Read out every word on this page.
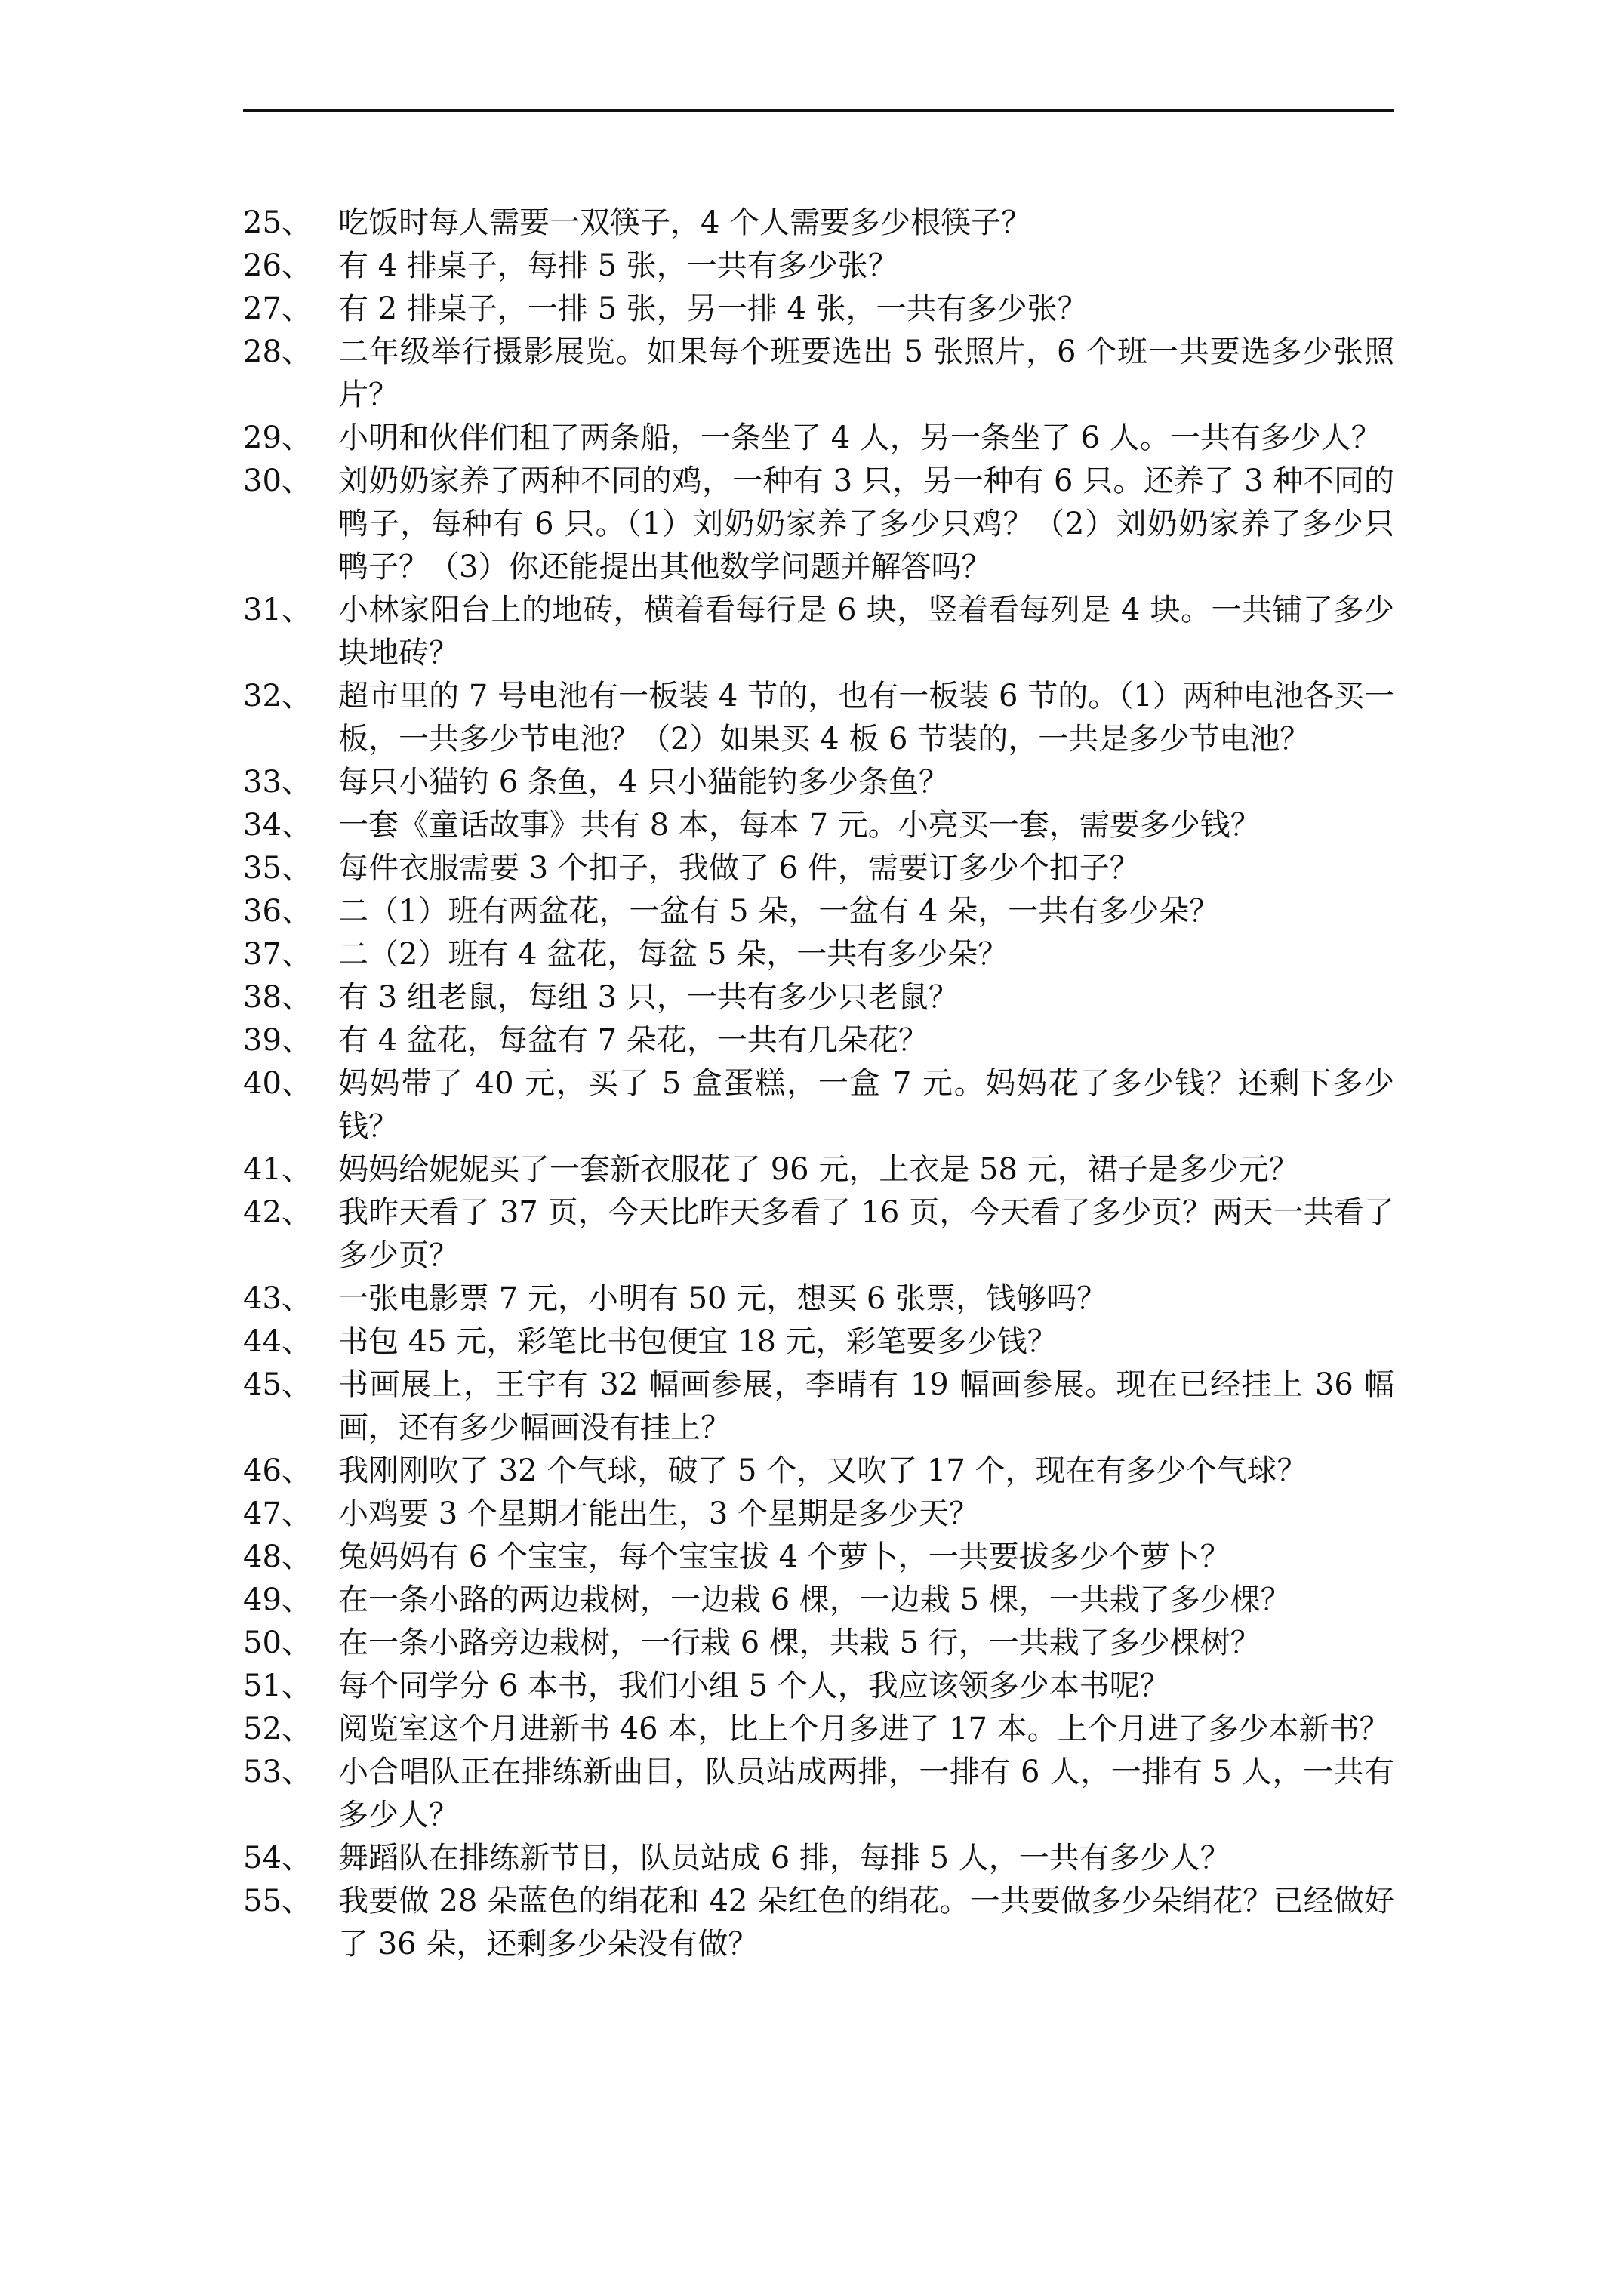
25、 吃饭时每人需要一双筷子，4 个人需要多少根筷子？
26、 有 4 排桌子，每排 5 张，一共有多少张？
27、 有 2 排桌子，一排 5 张，另一排 4 张，一共有多少张？
28、 二年级举行摄影展览。如果每个班要选出 5 张照片，6 个班一共要选多少张照片？
29、 小明和伙伴们租了两条船，一条坐了 4 人，另一条坐了 6 人。一共有多少人？
30、 刘奶奶家养了两种不同的鸡，一种有 3 只，另一种有 6 只。还养了 3 种不同的鸭子，每种有 6 只。（1）刘奶奶家养了多少只鸡？（2）刘奶奶家养了多少只鸭子？（3）你还能提出其他数学问题并解答吗？
31、 小林家阳台上的地砖，横着看每行是 6 块，竖着看每列是 4 块。一共铺了多少块地砖？
32、 超市里的 7 号电池有一板装 4 节的，也有一板装 6 节的。（1）两种电池各买一板，一共多少节电池？（2）如果买 4 板 6 节装的，一共是多少节电池？
33、 每只小猫钓 6 条鱼，4 只小猫能钓多少条鱼？
34、 一套《童话故事》共有 8 本，每本 7 元。小亮买一套，需要多少钱？
35、 每件衣服需要 3 个扣子，我做了 6 件，需要订多少个扣子？
36、 二（1）班有两盆花，一盆有 5 朵，一盆有 4 朵，一共有多少朵？
37、 二（2）班有 4 盆花，每盆 5 朵，一共有多少朵？
38、 有 3 组老鼠，每组 3 只，一共有多少只老鼠？
39、 有 4 盆花，每盆有 7 朵花，一共有几朵花？
40、 妈妈带了 40 元，买了 5 盒蛋糕，一盒 7 元。妈妈花了多少钱？还剩下多少钱？
41、 妈妈给妮妮买了一套新衣服花了 96 元，上衣是 58 元，裙子是多少元？
42、 我昨天看了 37 页，今天比昨天多看了 16 页，今天看了多少页？两天一共看了多少页？
43、 一张电影票 7 元，小明有 50 元，想买 6 张票，钱够吗？
44、 书包 45 元，彩笔比书包便宜 18 元，彩笔要多少钱？
45、 书画展上，王宇有 32 幅画参展，李晴有 19 幅画参展。现在已经挂上 36 幅画，还有多少幅画没有挂上？
46、 我刚刚吹了 32 个气球，破了 5 个，又吹了 17 个，现在有多少个气球？
47、 小鸡要 3 个星期才能出生，3 个星期是多少天？
48、 兔妈妈有 6 个宝宝，每个宝宝拔 4 个萝卜，一共要拔多少个萝卜？
49、 在一条小路的两边栽树，一边栽 6 棵，一边栽 5 棵，一共栽了多少棵？
50、 在一条小路旁边栽树，一行栽 6 棵，共栽 5 行，一共栽了多少棵树？
51、 每个同学分 6 本书，我们小组 5 个人，我应该领多少本书呢？
52、 阅览室这个月进新书 46 本，比上个月多进了 17 本。上个月进了多少本新书？
53、 小合唱队正在排练新曲目，队员站成两排，一排有 6 人，一排有 5 人，一共有多少人？
54、 舞蹈队在排练新节目，队员站成 6 排，每排 5 人，一共有多少人？
55、 我要做 28 朵蓝色的绢花和 42 朵红色的绢花。一共要做多少朵绢花？已经做好了 36 朵，还剩多少朵没有做？
